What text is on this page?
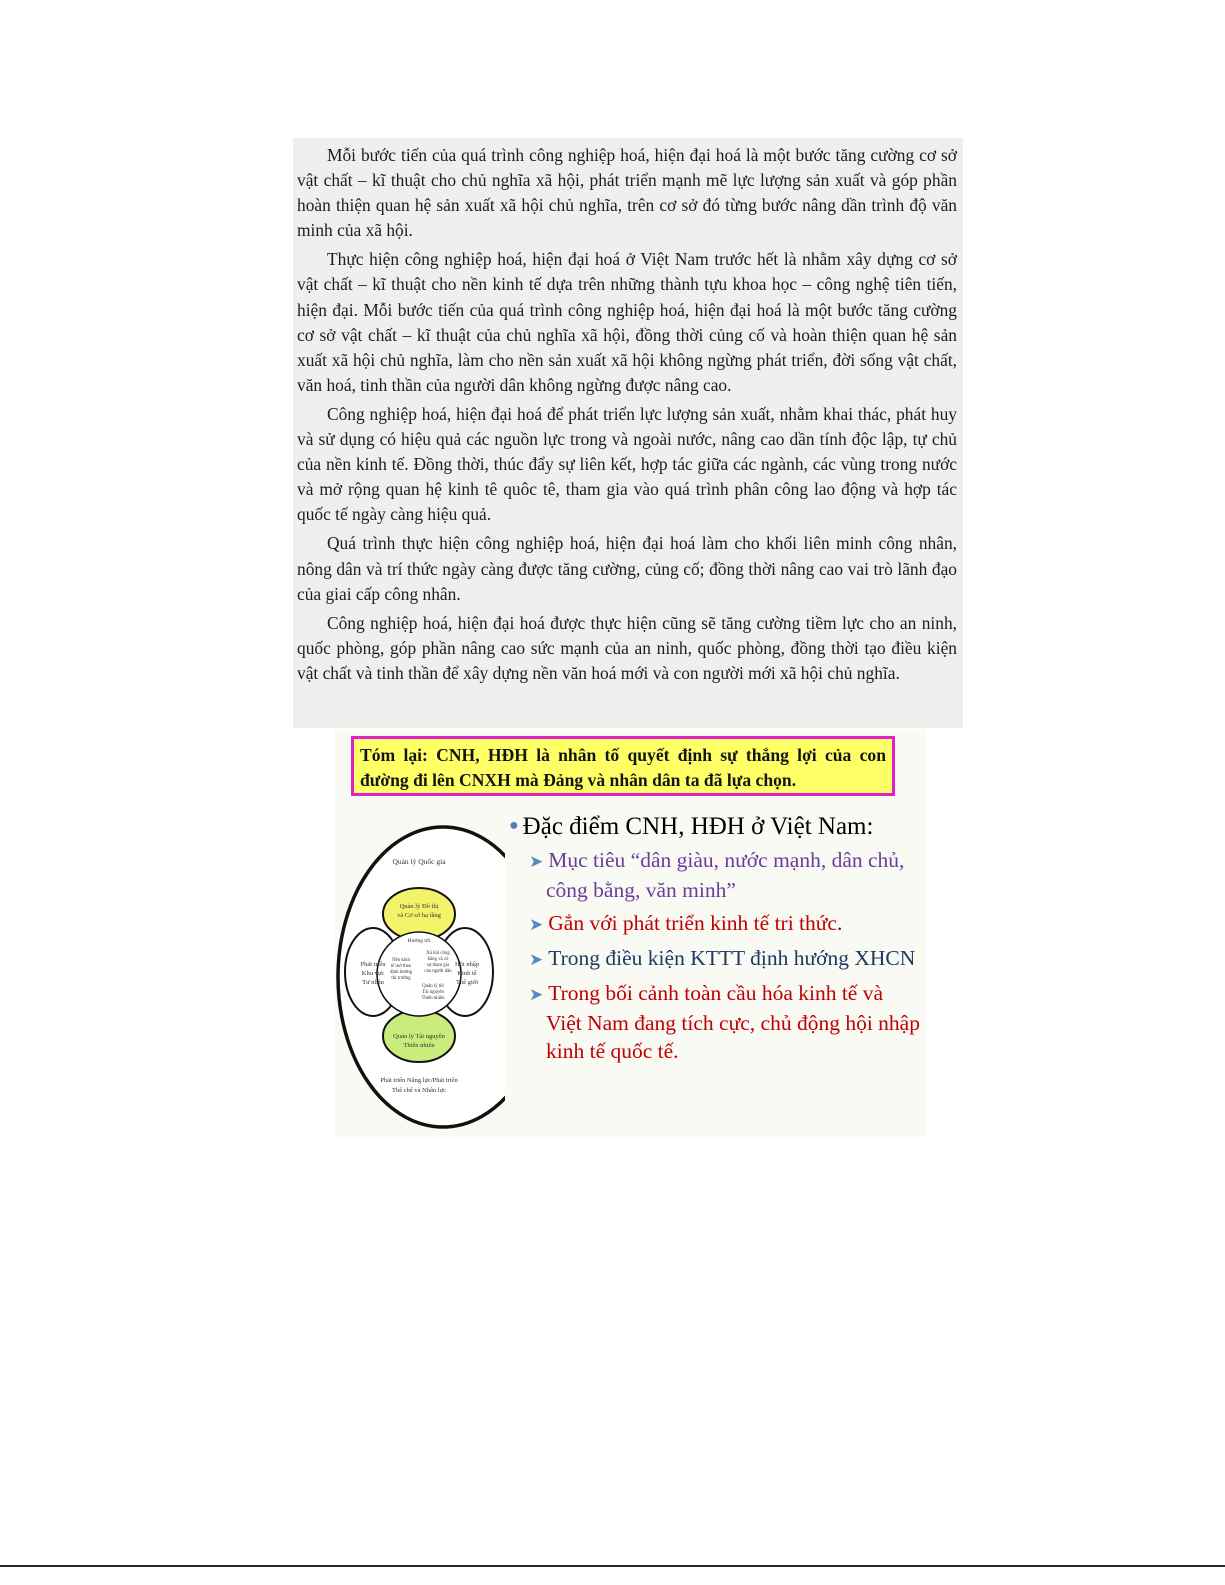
Mỗi bước tiến của quá trình công nghiệp hoá, hiện đại hoá là một bước tăng cường cơ sở vật chất – kĩ thuật cho chủ nghĩa xã hội, phát triển mạnh mẽ lực lượng sản xuất và góp phần hoàn thiện quan hệ sản xuất xã hội chủ nghĩa, trên cơ sở đó từng bước nâng dần trình độ văn minh của xã hội.

Thực hiện công nghiệp hoá, hiện đại hoá ở Việt Nam trước hết là nhằm xây dựng cơ sở vật chất – kĩ thuật cho nền kinh tế dựa trên những thành tựu khoa học – công nghệ tiên tiến, hiện đại. Mỗi bước tiến của quá trình công nghiệp hoá, hiện đại hoá là một bước tăng cường cơ sở vật chất – kĩ thuật của chủ nghĩa xã hội, đồng thời củng cố và hoàn thiện quan hệ sản xuất xã hội chủ nghĩa, làm cho nền sản xuất xã hội không ngừng phát triển, đời sống vật chất, văn hoá, tinh thần của người dân không ngừng được nâng cao.

Công nghiệp hoá, hiện đại hoá để phát triển lực lượng sản xuất, nhằm khai thác, phát huy và sử dụng có hiệu quả các nguồn lực trong và ngoài nước, nâng cao dần tính độc lập, tự chủ của nền kinh tế. Đồng thời, thúc đẩy sự liên kết, hợp tác giữa các ngành, các vùng trong nước và mở rộng quan hệ kinh tê quôc tê, tham gia vào quá trình phân công lao động và hợp tác quốc tế ngày càng hiệu quả.

Quá trình thực hiện công nghiệp hoá, hiện đại hoá làm cho khối liên minh công nhân, nông dân và trí thức ngày càng được tăng cường, củng cố; đồng thời nâng cao vai trò lãnh đạo của giai cấp công nhân.

Công nghiệp hoá, hiện đại hoá được thực hiện cũng sẽ tăng cường tiềm lực cho an ninh, quốc phòng, góp phần nâng cao sức mạnh của an ninh, quốc phòng, đồng thời tạo điều kiện vật chất và tinh thần để xây dựng nền văn hoá mới và con người mới xã hội chủ nghĩa.

Tóm lại: CNH, HĐH là nhân tố quyết định sự thắng lợi của con đường đi lên CNXH mà Đảng và nhân dân ta đã lựa chọn.
Quản lý Quốc gia
Quản lý Đô thị
và Cơ sở hạ tầng
Phát triển
Khu vực
Tư nhân
Hội nhập
Kinh tế
Thế giới
Quản lý Tài nguyên
Thiên nhiên
Hướng tới
Nền kinh
tế mở theo
định hướng
thị trường
Xã hội công
bằng và có
sự tham gia
của người dân
Quản lý tốt
Tài nguyên
Thiên nhiên
Phát triển Năng lực/Phát triển
Thể chế và Nhân lực
● Đặc điểm CNH, HĐH ở Việt Nam:
➤ Mục tiêu “dân giàu, nước mạnh, dân chủ, công bằng, văn minh”
➤ Gắn với phát triển kinh tế tri thức.
➤ Trong điều kiện KTTT định hướng XHCN
➤ Trong bối cảnh toàn cầu hóa kinh tế và Việt Nam đang tích cực, chủ động hội nhập kinh tế quốc tế.
